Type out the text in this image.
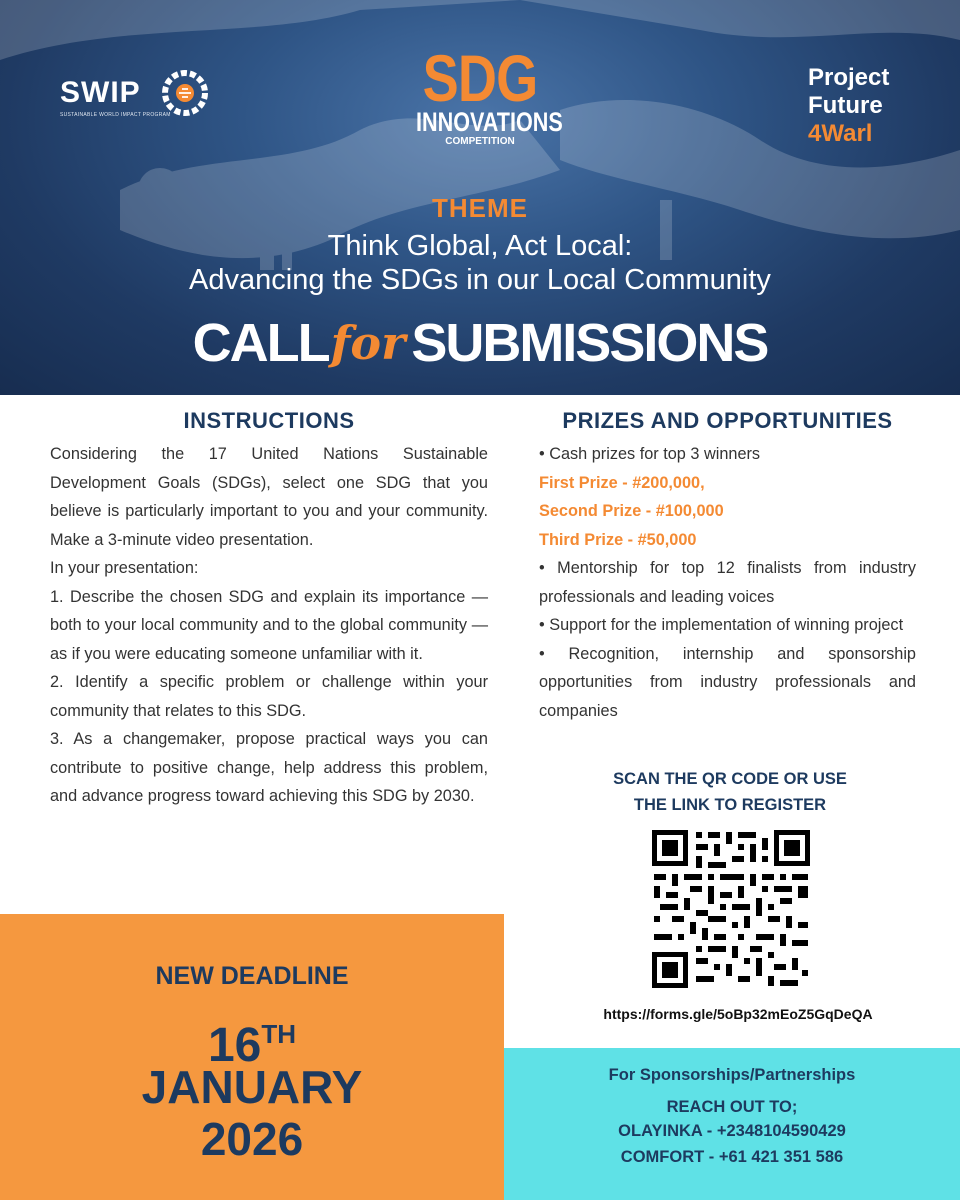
SWIP
SUSTAINABLE WORLD IMPACT PROGRAM	SDG
INNOVATIONS
COMPETITION
Project
Future
4Warl
THEME
Think Global, Act Local:
Advancing the SDGs in our Local Community
CALLfor SUBMISSIONS
INSTRUCTIONS

Considering the 17 United Nations Sustainable Development Goals (SDGs), select one SDG that you believe is particularly important to you and your community. Make a 3-minute video presentation.

In your presentation:

1. Describe the chosen SDG and explain its importance — both to your local community and to the global community — as if you were educating someone unfamiliar with it.

2. Identify a specific problem or challenge within your community that relates to this SDG.

3. As a changemaker, propose practical ways you can contribute to positive change, help address this problem, and advance progress toward achieving this SDG by 2030.

PRIZES AND OPPORTUNITIES

• Cash prizes for top 3 winners

First Prize - #200,000,

Second Prize - #100,000

Third Prize - #50,000

• Mentorship for top 12 finalists from industry professionals and leading voices

• Support for the implementation of winning project

• Recognition, internship and sponsorship opportunities from industry professionals and companies

SCAN THE QR CODE OR USE
THE LINK TO REGISTER
https://forms.gle/5oBp32mEoZ5GqDeQA
NEW DEADLINE
16TH
JANUARY
2026
For Sponsorships/Partnerships
REACH OUT TO;
OLAYINKA - +2348104590429
COMFORT - +61 421 351 586
